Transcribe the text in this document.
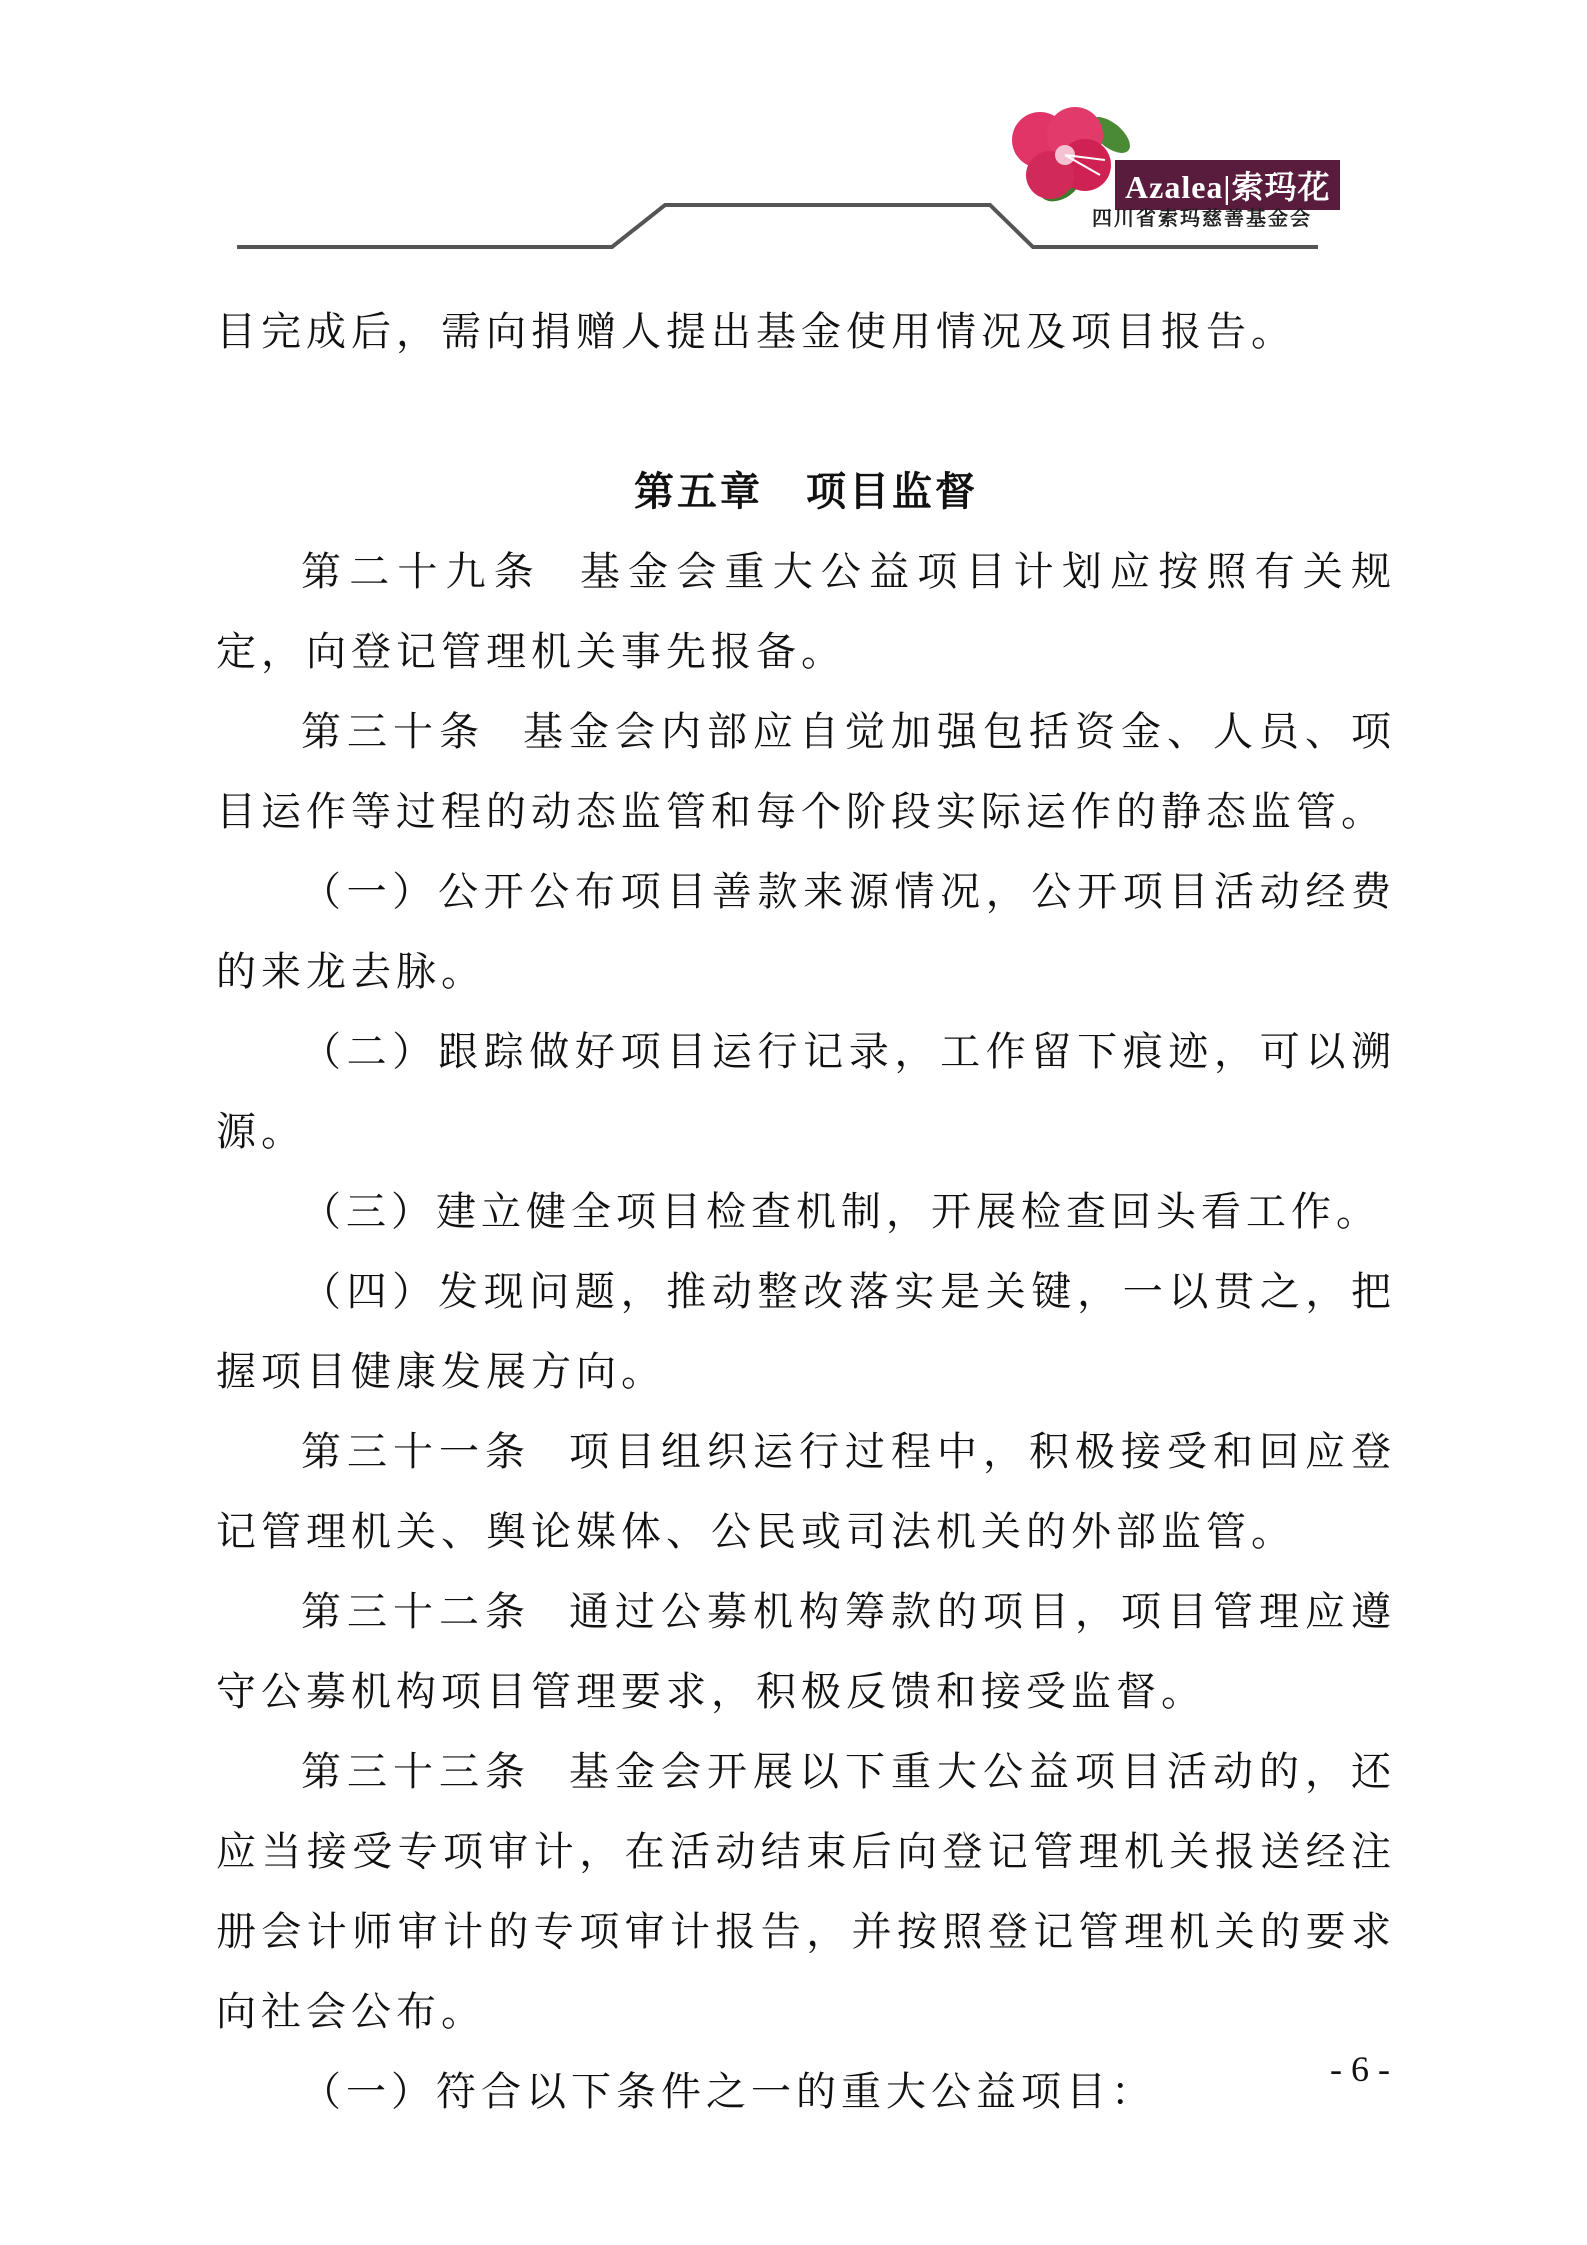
Azalea|索玛花
四川省索玛慈善基金会

目完成后，需向捐赠人提出基金使用情况及项目报告。

第五章　项目监督

第二十九条 基金会重大公益项目计划应按照有关规定，向登记管理机关事先报备。

第三十条 基金会内部应自觉加强包括资金、人员、项目运作等过程的动态监管和每个阶段实际运作的静态监管。

（一）公开公布项目善款来源情况，公开项目活动经费的来龙去脉。

（二）跟踪做好项目运行记录，工作留下痕迹，可以溯源。

（三）建立健全项目检查机制，开展检查回头看工作。

（四）发现问题，推动整改落实是关键，一以贯之，把握项目健康发展方向。

第三十一条 项目组织运行过程中，积极接受和回应登记管理机关、舆论媒体、公民或司法机关的外部监管。

第三十二条 通过公募机构筹款的项目，项目管理应遵守公募机构项目管理要求，积极反馈和接受监督。

第三十三条 基金会开展以下重大公益项目活动的，还应当接受专项审计，在活动结束后向登记管理机关报送经注册会计师审计的专项审计报告，并按照登记管理机关的要求向社会公布。

（一）符合以下条件之一的重大公益项目：	- 6 -
